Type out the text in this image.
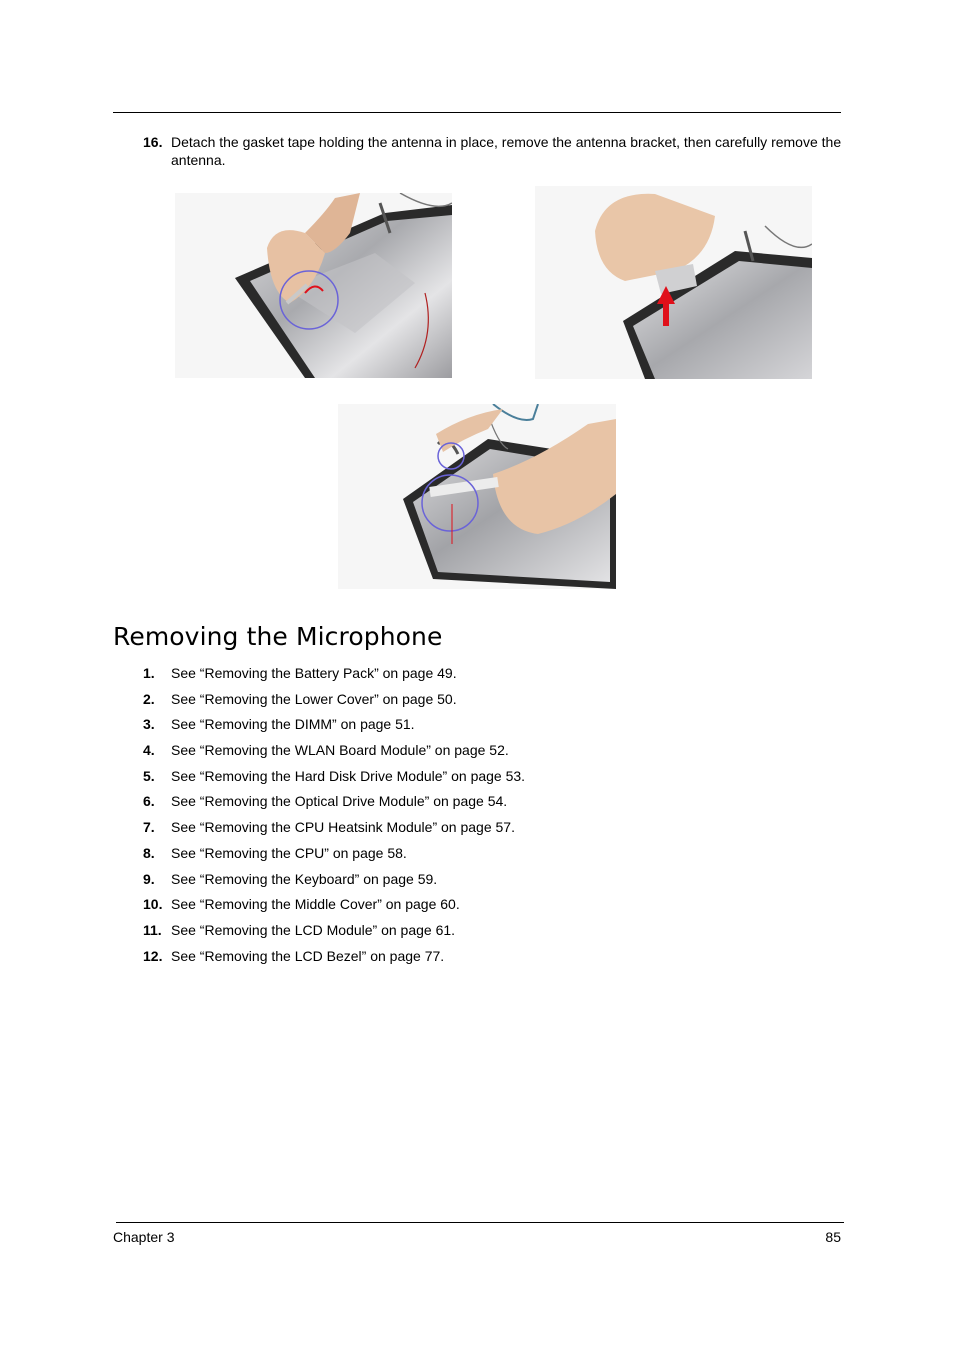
16. Detach the gasket tape holding the antenna in place, remove the antenna bracket, then carefully remove the antenna.
Removing the Microphone
1. See “Removing the Battery Pack” on page 49.
2. See “Removing the Lower Cover” on page 50.
3. See “Removing the DIMM” on page 51.
4. See “Removing the WLAN Board Module” on page 52.
5. See “Removing the Hard Disk Drive Module” on page 53.
6. See “Removing the Optical Drive Module” on page 54.
7. See “Removing the CPU Heatsink Module” on page 57.
8. See “Removing the CPU” on page 58.
9. See “Removing the Keyboard” on page 59.
10. See “Removing the Middle Cover” on page 60.
11. See “Removing the LCD Module” on page 61.
12. See “Removing the LCD Bezel” on page 77.
Chapter 3	85
